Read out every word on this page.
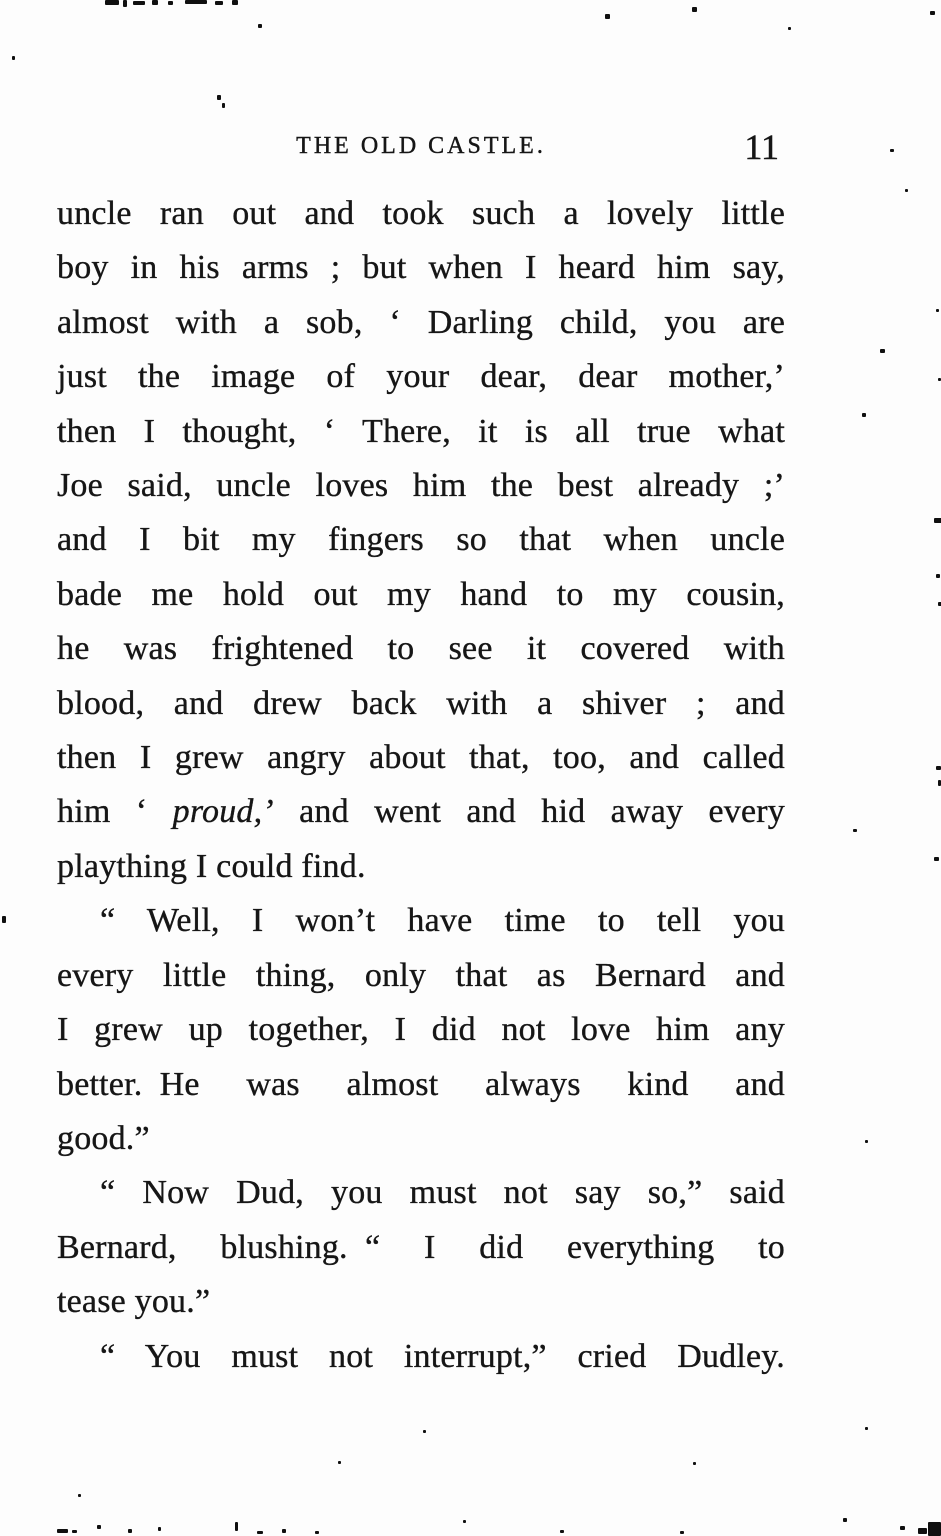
THE OLD CASTLE.	11
uncle ran out and took such a lovely little
boy in his arms ; but when I heard him say,
almost with a sob, ‘ Darling child, you are
just the image of your dear, dear mother,’
then I thought, ‘ There, it is all true what
Joe said, uncle loves him the best already ;’
and I bit my fingers so that when uncle
bade me hold out my hand to my cousin,
he was frightened to see it covered with
blood, and drew back with a shiver ; and
then I grew angry about that, too, and called
him ‘ proud,’ and went and hid away every
plaything I could find.
“ Well, I won’t have time to tell you
every little thing, only that as Bernard and
I grew up together, I did not love him any
better. He was almost always kind and
good.”
“ Now Dud, you must not say so,” said
Bernard, blushing. “ I did everything to
tease you.”
“ You must not interrupt,” cried Dudley.
